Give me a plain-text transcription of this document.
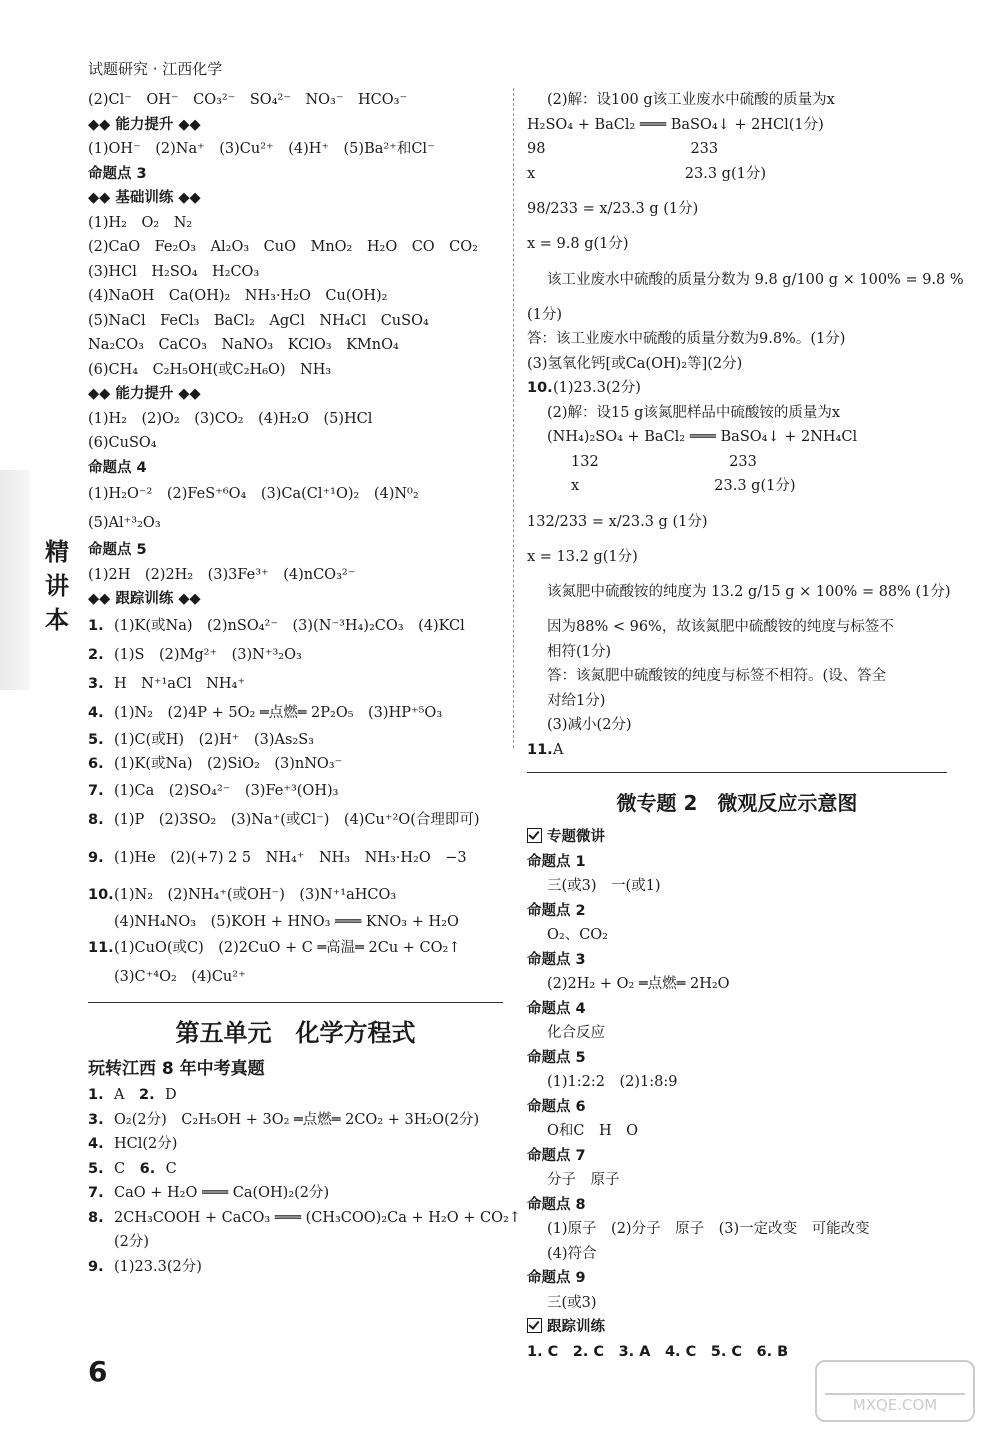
试题研究 · 江西化学
精讲本
(2)Cl⁻　OH⁻　CO₃²⁻　SO₄²⁻　NO₃⁻　HCO₃⁻
◆◆ 能力提升 ◆◆
(1)OH⁻　(2)Na⁺　(3)Cu²⁺　(4)H⁺　(5)Ba²⁺和Cl⁻
命题点 3
◆◆ 基础训练 ◆◆
(1)H₂　O₂　N₂
(2)CaO　Fe₂O₃　Al₂O₃　CuO　MnO₂　H₂O　CO　CO₂
(3)HCl　H₂SO₄　H₂CO₃
(4)NaOH　Ca(OH)₂　NH₃·H₂O　Cu(OH)₂
(5)NaCl　FeCl₃　BaCl₂　AgCl　NH₄Cl　CuSO₄
Na₂CO₃　CaCO₃　NaNO₃　KClO₃　KMnO₄
(6)CH₄　C₂H₅OH(或C₂H₆O)　NH₃
◆◆ 能力提升 ◆◆
(1)H₂　(2)O₂　(3)CO₂　(4)H₂O　(5)HCl
(6)CuSO₄
命题点 4
(1)H₂O⁻²　(2)FeS⁺⁶O₄　(3)Ca(Cl⁺¹O)₂　(4)N⁰₂
(5)Al⁺³₂O₃
命题点 5
(1)2H　(2)2H₂　(3)3Fe³⁺　(4)nCO₃²⁻
◆◆ 跟踪训练 ◆◆
1. (1)K(或Na)　(2)nSO₄²⁻　(3)(N⁻³H₄)₂CO₃　(4)KCl
2. (1)S　(2)Mg²⁺　(3)N⁺³₂O₃
3. H　N⁺¹aCl　NH₄⁺
4. (1)N₂　(2)4P + 5O₂ ═点燃═ 2P₂O₅　(3)HP⁺⁵O₃
5. (1)C(或H)　(2)H⁺　(3)As₂S₃
6. (1)K(或Na)　(2)SiO₂　(3)nNO₃⁻
7. (1)Ca　(2)SO₄²⁻　(3)Fe⁺³(OH)₃
8. (1)P　(2)3SO₂　(3)Na⁺(或Cl⁻)　(4)Cu⁺²O(合理即可)
9. (1)He　(2)(+7) 2 5　NH₄⁺　NH₃　NH₃·H₂O　−3
10.(1)N₂　(2)NH₄⁺(或OH⁻)　(3)N⁺¹aHCO₃
(4)NH₄NO₃　(5)KOH + HNO₃ ═══ KNO₃ + H₂O
11.(1)CuO(或C)　(2)2CuO + C ═高温═ 2Cu + CO₂↑
(3)C⁺⁴O₂　(4)Cu²⁺
第五单元　化学方程式
玩转江西 8 年中考真题
1. A　2. D
3. O₂(2分)　C₂H₅OH + 3O₂ ═点燃═ 2CO₂ + 3H₂O(2分)
4. HCl(2分)
5. C　6. C
7. CaO + H₂O ═══ Ca(OH)₂(2分)
8. 2CH₃COOH + CaCO₃ ═══ (CH₃COO)₂Ca + H₂O + CO₂↑
(2分)
9. (1)23.3(2分)
(2)解：设100 g该工业废水中硫酸的质量为x
H₂SO₄ + BaCl₂ ═══ BaSO₄↓ + 2HCl(1分)
98　　　　　　　　　　233
x　　　　　　　　　　 23.3 g(1分)
98/233 = x/23.3 g (1分)
x = 9.8 g(1分)
该工业废水中硫酸的质量分数为 9.8 g/100 g × 100% = 9.8 %
(1分)
答：该工业废水中硫酸的质量分数为9.8%。(1分)
(3)氢氧化钙[或Ca(OH)₂等](2分)
10.(1)23.3(2分)
(2)解：设15 g该氮肥样品中硫酸铵的质量为x
(NH₄)₂SO₄ + BaCl₂ ═══ BaSO₄↓ + 2NH₄Cl
132　　　　　　　　　233
x　　　　　　　　　 23.3 g(1分)
132/233 = x/23.3 g (1分)
x = 13.2 g(1分)
该氮肥中硫酸铵的纯度为 13.2 g/15 g × 100% = 88% (1分)
因为88% < 96%，故该氮肥中硫酸铵的纯度与标签不
相符(1分)
答：该氮肥中硫酸铵的纯度与标签不相符。(设、答全
对给1分)
(3)减小(2分)
11.A
微专题 2　微观反应示意图
专题微讲
命题点 1
三(或3)　一(或1)
命题点 2
O₂、CO₂
命题点 3
(2)2H₂ + O₂ ═点燃═ 2H₂O
命题点 4
化合反应
命题点 5
(1)1:2:2　(2)1:8:9
命题点 6
O和C　H　O
命题点 7
分子　原子
命题点 8
(1)原子　(2)分子　原子　(3)一定改变　可能改变
(4)符合
命题点 9
三(或3)
跟踪训练
1. C　2. C　3. A　4. C　5. C　6. B
6
MXQE.COM
